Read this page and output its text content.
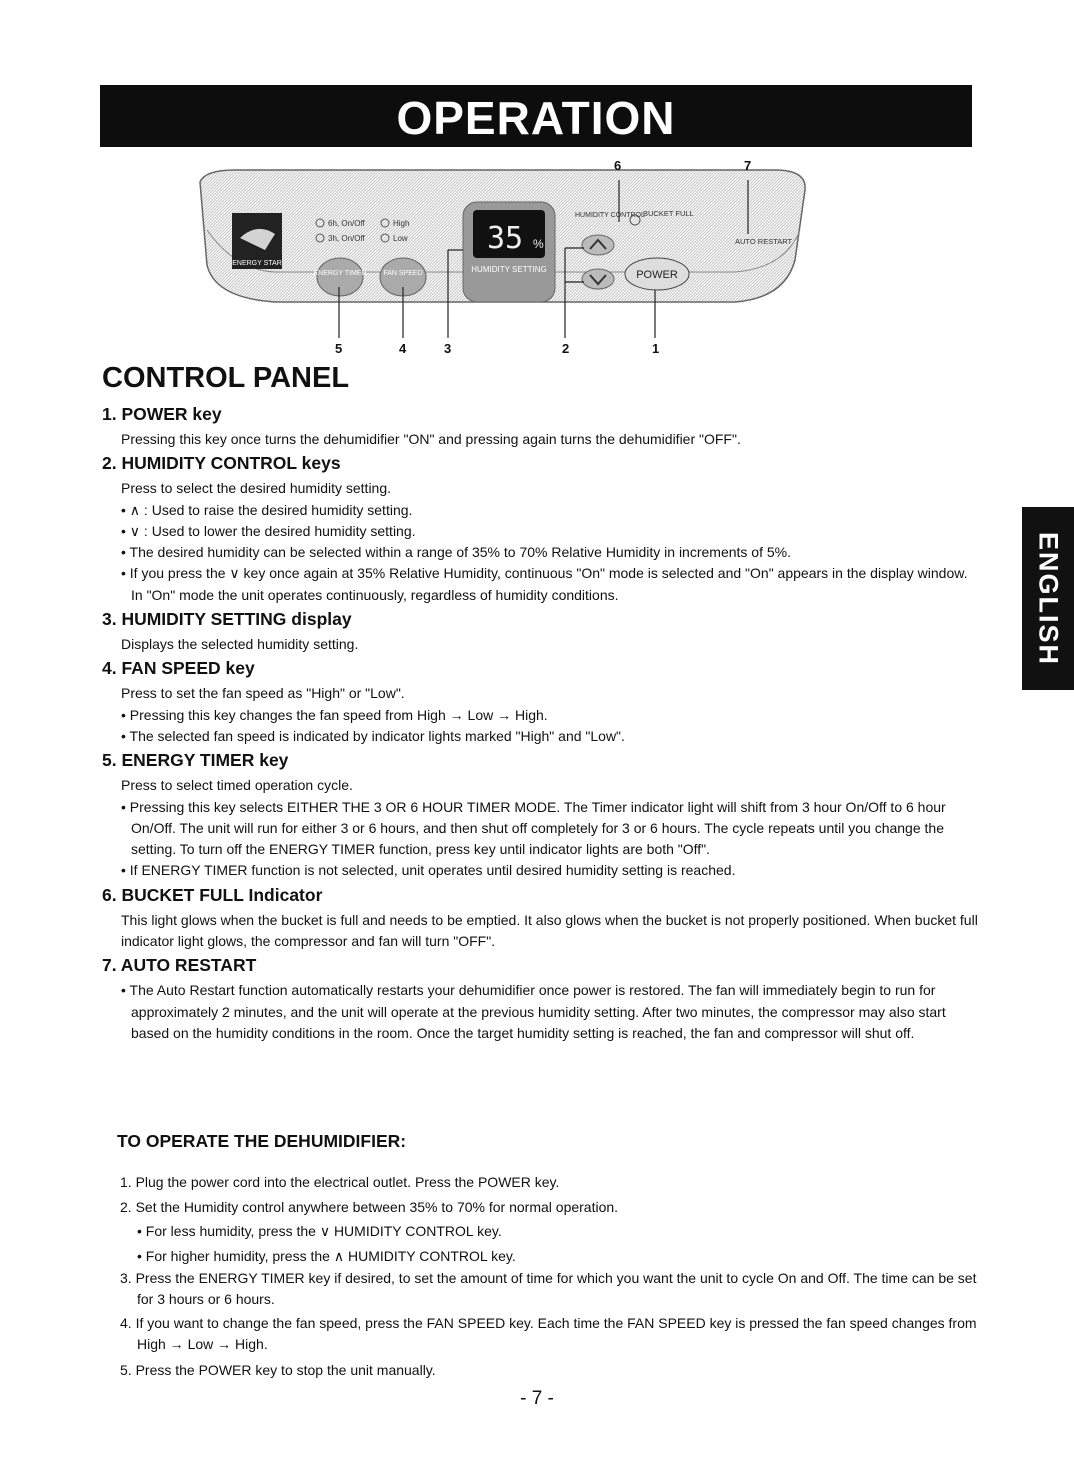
OPERATION
ENGLISH
ENERGY STAR
6h, On/Off
3h, On/Off
High
Low
ENERGY TIMER FAN SPEED
35 %
HUMIDITY SETTING
HUMIDITY CONTROL
BUCKET FULL
POWER
AUTO RESTART
6	7
5	4	3	2	1
CONTROL PANEL
1. POWER key
Pressing this key once turns the dehumidifier "ON" and pressing again turns the dehumidifier "OFF".
2. HUMIDITY CONTROL keys
Press to select the desired humidity setting.
• ∧ : Used to raise the desired humidity setting.
• ∨ : Used to lower the desired humidity setting.
• The desired humidity can be selected within a range of 35% to 70% Relative Humidity in increments of 5%.
• If you press the ∨ key once again at 35% Relative Humidity, continuous "On" mode is selected and "On" appears in the display window. In "On" mode the unit operates continuously, regardless of humidity conditions.
3. HUMIDITY SETTING display
Displays the selected humidity setting.
4. FAN SPEED key
Press to set the fan speed as "High" or "Low".
• Pressing this key changes the fan speed from High → Low → High.
• The selected fan speed is indicated by indicator lights marked "High" and "Low".
5. ENERGY TIMER key
Press to select timed operation cycle.
• Pressing this key selects EITHER THE 3 OR 6 HOUR TIMER MODE. The Timer indicator light will shift from 3 hour On/Off to 6 hour On/Off. The unit will run for either 3 or 6 hours, and then shut off completely for 3 or 6 hours. The cycle repeats until you change the setting. To turn off the ENERGY TIMER function, press key until indicator lights are both "Off".
• If ENERGY TIMER function is not selected, unit operates until desired humidity setting is reached.
6. BUCKET FULL Indicator
This light glows when the bucket is full and needs to be emptied. It also glows when the bucket is not properly positioned. When bucket full indicator light glows, the compressor and fan will turn "OFF".
7. AUTO RESTART
• The Auto Restart function automatically restarts your dehumidifier once power is restored. The fan will immediately begin to run for approximately 2 minutes, and the unit will operate at the previous humidity setting. After two minutes, the compressor may also start based on the humidity conditions in the room. Once the target humidity setting is reached, the fan and compressor will shut off.
TO OPERATE THE DEHUMIDIFIER:
1. Plug the power cord into the electrical outlet. Press the POWER key.
2. Set the Humidity control anywhere between 35% to 70% for normal operation.
• For less humidity, press the ∨ HUMIDITY CONTROL key.
• For higher humidity, press the ∧ HUMIDITY CONTROL key.
3. Press the ENERGY TIMER key if desired, to set the amount of time for which you want the unit to cycle On and Off. The time can be set for 3 hours or 6 hours.
4. If you want to change the fan speed, press the FAN SPEED key. Each time the FAN SPEED key is pressed the fan speed changes from High → Low → High.
5. Press the POWER key to stop the unit manually.
- 7 -
